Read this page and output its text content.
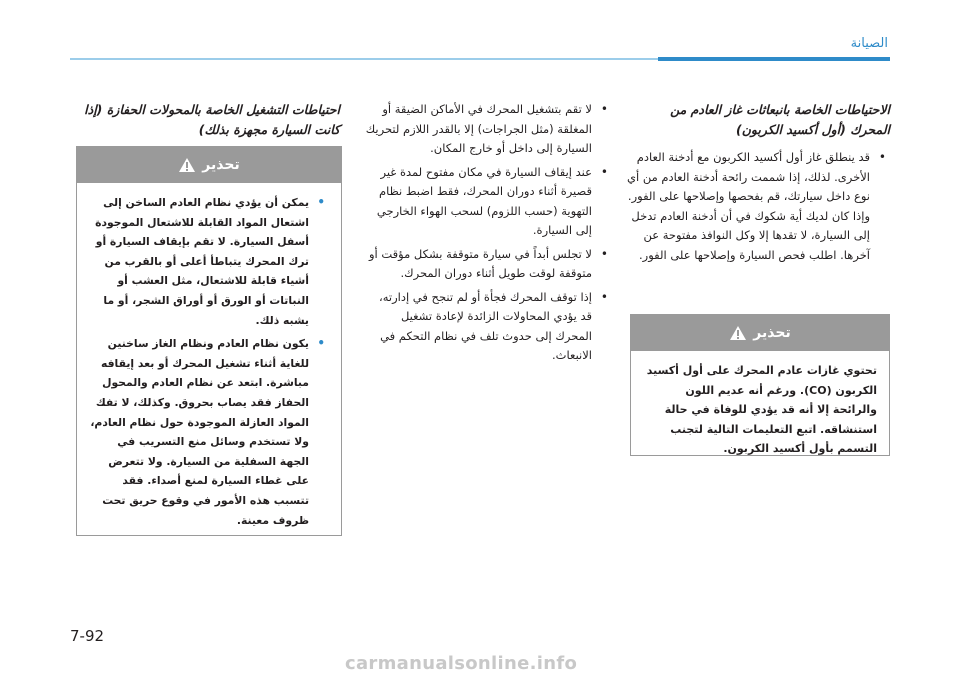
الصيانة
الاحتياطات الخاصة بانبعاثات غاز العادم من المحرك (أول أكسيد الكربون)
• قد ينطلق غاز أول أكسيد الكربون مع أدخنة العادم الأخرى. لذلك، إذا شممت رائحة أدخنة العادم من أي نوع داخل سيارتك، قم بفحصها وإصلاحها على الفور. وإذا كان لديك أية شكوك في أن أدخنة العادم تدخل إلى السيارة، لا تقدها إلا وكل النوافذ مفتوحة عن آخرها. اطلب فحص السيارة وإصلاحها على الفور.
تحذير
تحتوي غازات عادم المحرك على أول أكسيد الكربون (CO). ورغم أنه عديم اللون والرائحة إلا أنه قد يؤدي للوفاة في حالة استنشاقه. اتبع التعليمات التالية لتجنب التسمم بأول أكسيد الكربون.
• لا تقم بتشغيل المحرك في الأماكن الضيقة أو المغلقة (مثل الجراجات) إلا بالقدر اللازم لتحريك السيارة إلى داخل أو خارج المكان.
• عند إيقاف السيارة في مكان مفتوح لمدة غير قصيرة أثناء دوران المحرك، فقط اضبط نظام التهوية (حسب اللزوم) لسحب الهواء الخارجي إلى السيارة.
• لا تجلس أبداً في سيارة متوقفة بشكل مؤقت أو متوقفة لوقت طويل أثناء دوران المحرك.
• إذا توقف المحرك فجأة أو لم تنجح في إدارته، قد يؤدي المحاولات الزائدة لإعادة تشغيل المحرك إلى حدوث تلف في نظام التحكم في الانبعاث.
احتياطات التشغيل الخاصة بالمحولات الحفازة (إذا كانت السيارة مجهزة بذلك)
تحذير
• يمكن أن يؤدي نظام العادم الساخن إلى اشتعال المواد القابلة للاشتعال الموجودة أسفل السيارة. لا تقم بإيقاف السيارة أو ترك المحرك يتباطأ أعلى أو بالقرب من أشياء قابلة للاشتعال، مثل العشب أو النباتات أو الورق أو أوراق الشجر، أو ما يشبه ذلك.
• يكون نظام العادم ونظام الغاز ساخنين للغاية أثناء تشغيل المحرك أو بعد إيقافه مباشرة. ابتعد عن نظام العادم والمحول الحفاز فقد يصاب بحروق. وكذلك، لا تفك المواد العازلة الموجودة حول نظام العادم، ولا تستخدم وسائل منع التسريب في الجهة السفلية من السيارة. ولا تتعرض على غطاء السيارة لمنع أصداء. فقد تتسبب هذه الأمور في وقوع حريق تحت ظروف معينة.
7-92
carmanualsonline.info
